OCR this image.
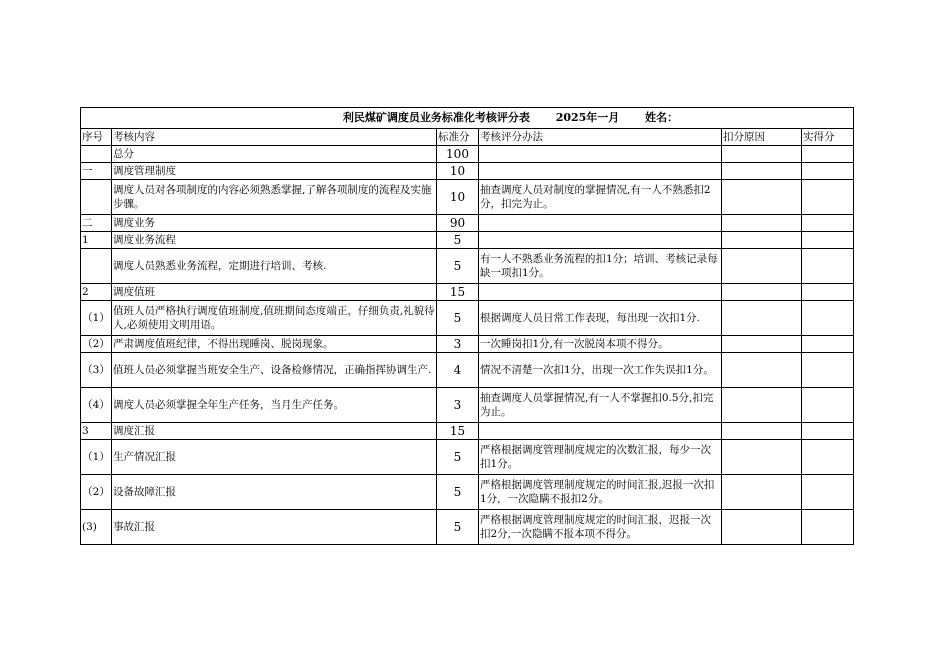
利民煤矿调度员业务标准化考核评分表 2025年一月 姓名：					
序号	考核内容	标准分	考核评分办法	扣分原因	实得分
	总分	100			
一	调度管理制度	10			
	调度人员对各项制度的内容必须熟悉掌握,了解各项制度的流程及实施步骤。	10	抽查调度人员对制度的掌握情况,有一人不熟悉扣2分，扣完为止。		
二	调度业务	90			
1	调度业务流程	5			
	调度人员熟悉业务流程，定期进行培训、考核.	5	有一人不熟悉业务流程的扣1分；培训、考核记录每缺一项扣1分。		
2	调度值班	15			
（1）	值班人员严格执行调度值班制度,值班期间态度端正，仔细负责,礼貌待人,必须使用文明用语。	5	根据调度人员日常工作表现，每出现一次扣1分.		
（2）	严肃调度值班纪律，不得出现睡岗、脱岗现象。	3	一次睡岗扣1分,有一次脱岗本项不得分。		
（3）	值班人员必须掌握当班安全生产、设备检修情况，正确指挥协调生产.	4	情况不清楚一次扣1分，出现一次工作失误扣1分。		
（4）	调度人员必须掌握全年生产任务，当月生产任务。	3	抽查调度人员掌握情况,有一人不掌握扣0.5分,扣完为止。		
3	调度汇报	15			
（1）	生产情况汇报	5	严格根据调度管理制度规定的次数汇报，每少一次扣1分。		
（2）	设备故障汇报	5	严格根据调度管理制度规定的时间汇报,迟报一次扣1分，一次隐瞒不报扣2分。		
(3)	事故汇报	5	严格根据调度管理制度规定的时间汇报，迟报一次扣2分,一次隐瞒不报本项不得分。		
